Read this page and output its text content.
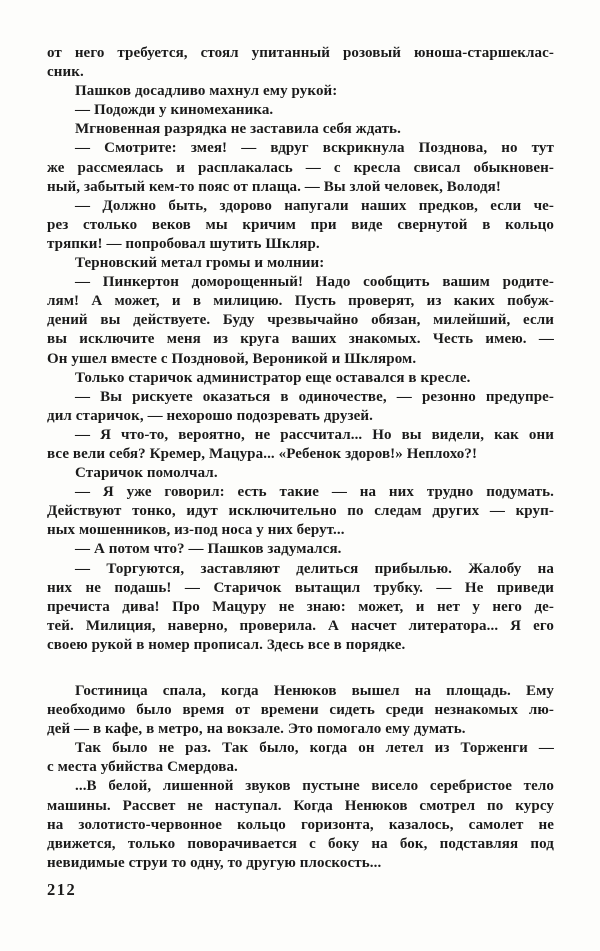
от него требуется, стоял упитанный розовый юноша-старшеклас-
сник.

Пашков досадливо махнул ему рукой:

— Подожди у киномеханика.

Мгновенная разрядка не заставила себя ждать.

— Смотрите: змея! — вдруг вскрикнула Позднова, но тут
же рассмеялась и расплакалась — с кресла свисал обыкновен-
ный, забытый кем-то пояс от плаща. — Вы злой человек, Володя!

— Должно быть, здорово напугали наших предков, если че-
рез столько веков мы кричим при виде свернутой в кольцо
тряпки! — попробовал шутить Шкляр.

Терновский метал громы и молнии:

— Пинкертон доморощенный! Надо сообщить вашим родите-
лям! А может, и в милицию. Пусть проверят, из каких побуж-
дений вы действуете. Буду чрезвычайно обязан, милейший, если
вы исключите меня из круга ваших знакомых. Честь имею. —
Он ушел вместе с Поздновой, Вероникой и Шкляром.

Только старичок администратор еще оставался в кресле.

— Вы рискуете оказаться в одиночестве, — резонно предупре-
дил старичок, — нехорошо подозревать друзей.

— Я что-то, вероятно, не рассчитал... Но вы видели, как они
все вели себя? Кремер, Мацура... «Ребенок здоров!» Неплохо?!

Старичок помолчал.

— Я уже говорил: есть такие — на них трудно подумать.
Действуют тонко, идут исключительно по следам других — круп-
ных мошенников, из-под носа у них берут...

— А потом что? — Пашков задумался.

— Торгуются, заставляют делиться прибылью. Жалобу на
них не подашь! — Старичок вытащил трубку. — Не приведи
пречиста дива! Про Мацуру не знаю: может, и нет у него де-
тей. Милиция, наверно, проверила. А насчет литератора... Я его
своею рукой в номер прописал. Здесь все в порядке.

Гостиница спала, когда Ненюков вышел на площадь. Ему
необходимо было время от времени сидеть среди незнакомых лю-
дей — в кафе, в метро, на вокзале. Это помогало ему думать.

Так было не раз. Так было, когда он летел из Торженги —
с места убийства Смердова.

...В белой, лишенной звуков пустыне висело серебристое тело
машины. Рассвет не наступал. Когда Ненюков смотрел по курсу
на золотисто-червонное кольцо горизонта, казалось, самолет не
движется, только поворачивается с боку на бок, подставляя под
невидимые струи то одну, то другую плоскость...

212
